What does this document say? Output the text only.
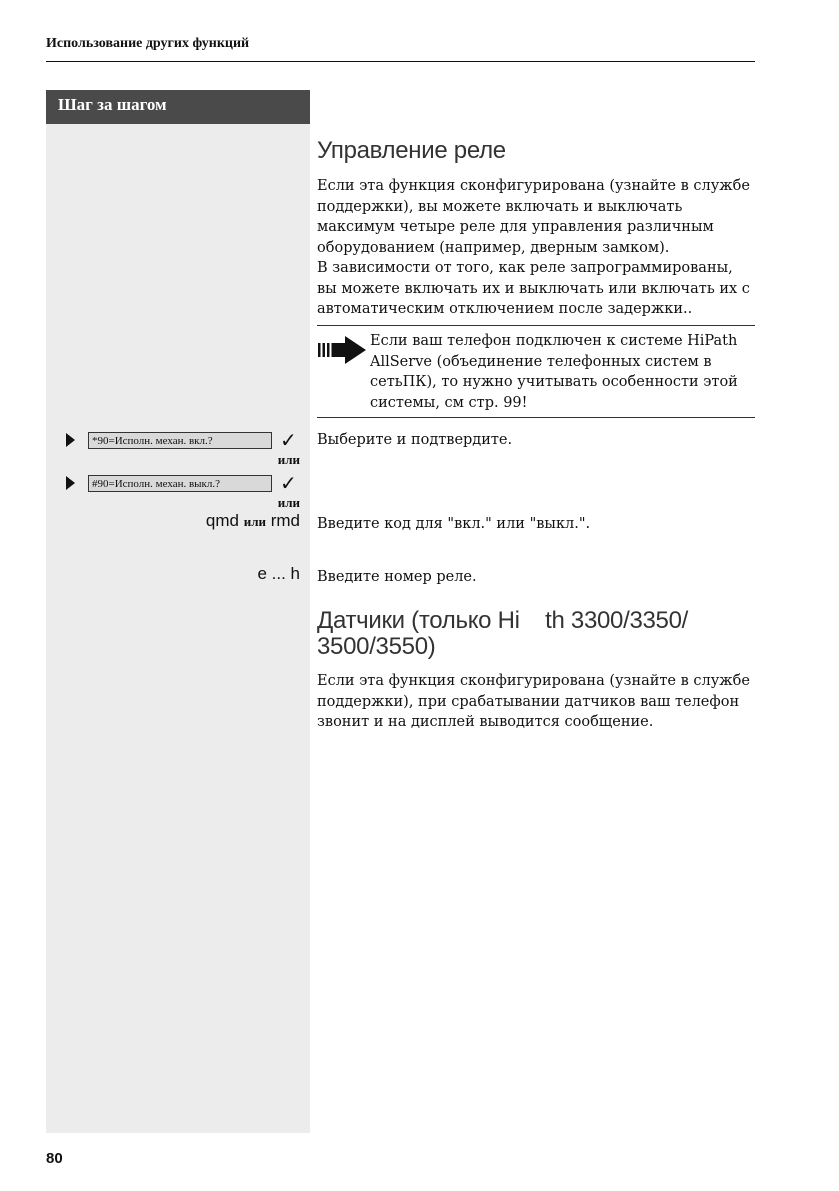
Использование других функций
Шаг за шагом
*90=Исполн. механ. вкл.?	✓
или
#90=Исполн. механ. выкл.?	✓
или
qmd или rmd
e ... h
Управление реле
Если эта функция сконфигурирована (узнайте в службе поддержки), вы можете включать и выключать максимум четыре реле для управления различным оборудованием (например, дверным замком).
В зависимости от того, как реле запрограммированы, вы можете включать их и выключать или включать их с автоматическим отключением после задержки..
Если ваш телефон подключен к системе HiPath AllServe (объединение телефонных систем в сетьПК), то нужно учитывать особенности этой системы, см стр. 99!
Выберите и подтвердите.
Введите код для "вкл." или "выкл.".
Введите номер реле.
Датчики (только Hi    th 3300/3350/ 3500/3550)
Если эта функция сконфигурирована (узнайте в службе поддержки), при срабатывании датчиков ваш телефон звонит и на дисплей выводится сообщение.
80
